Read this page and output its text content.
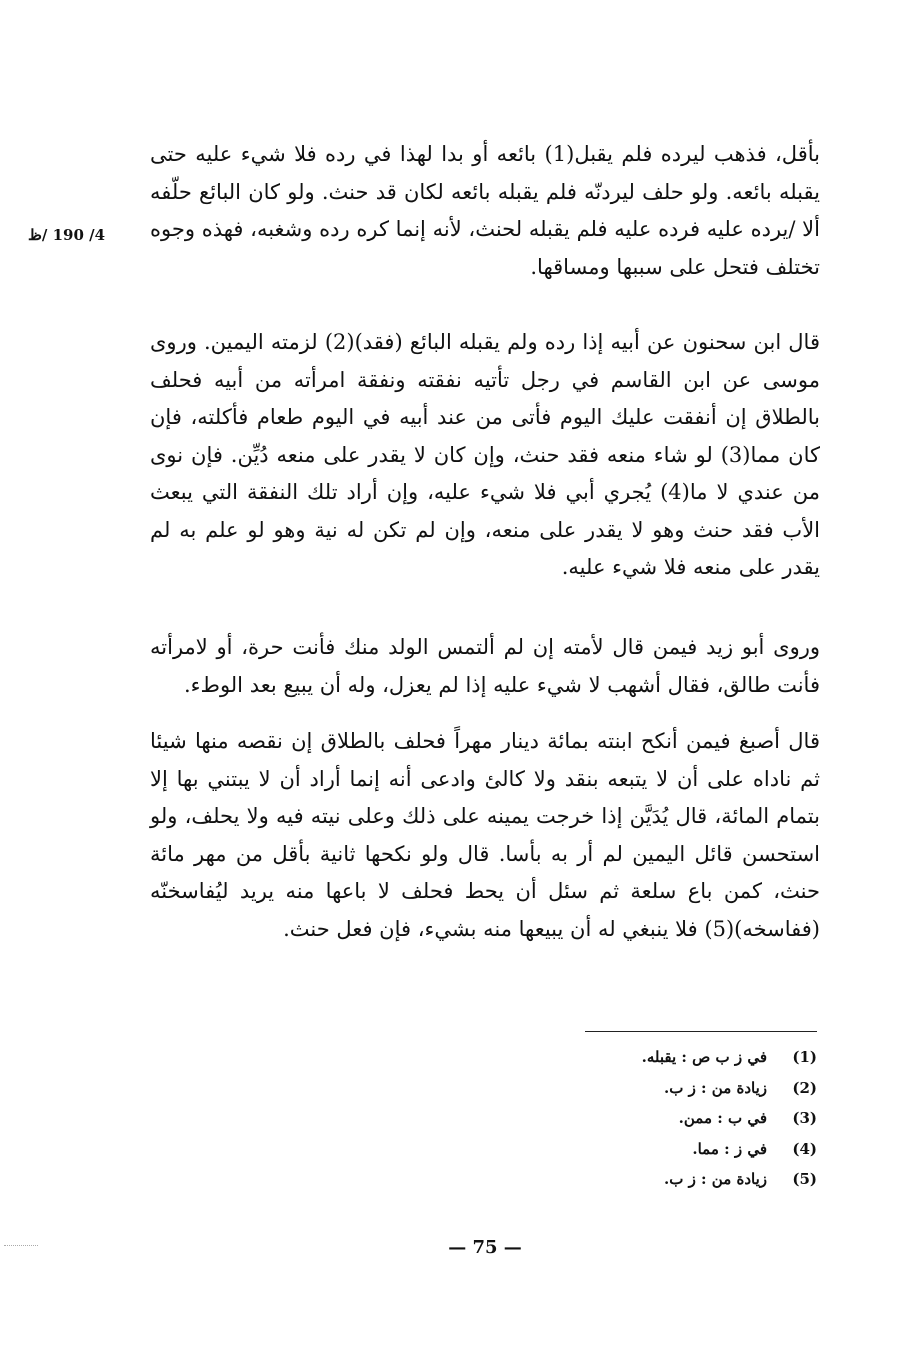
4/ 190 /ظ

بأقل، فذهب ليرده فلم يقبل(1) بائعه أو بدا لهذا في رده فلا شيء عليه حتى يقبله بائعه. ولو حلف ليردنّه فلم يقبله بائعه لكان قد حنث. ولو كان البائع حلّفه ألا /يرده عليه فرده عليه فلم يقبله لحنث، لأنه إنما كره رده وشغبه، فهذه وجوه تختلف فتحل على سببها ومساقها.

قال ابن سحنون عن أبيه إذا رده ولم يقبله البائع (فقد)(2) لزمته اليمين. وروى موسى عن ابن القاسم في رجل تأتيه نفقته ونفقة امرأته من أبيه فحلف بالطلاق إن أنفقت عليك اليوم فأتى من عند أبيه في اليوم طعام فأكلته، فإن كان مما(3) لو شاء منعه فقد حنث، وإن كان لا يقدر على منعه دُيِّن. فإن نوى من عندي لا ما(4) يُجري أبي فلا شيء عليه، وإن أراد تلك النفقة التي يبعث الأب فقد حنث وهو لا يقدر على منعه، وإن لم تكن له نية وهو لو علم به لم يقدر على منعه فلا شيء عليه.

وروى أبو زيد فيمن قال لأمته إن لم ألتمس الولد منك فأنت حرة، أو لامرأته فأنت طالق، فقال أشهب لا شيء عليه إذا لم يعزل، وله أن يبيع بعد الوطء.

قال أصبغ فيمن أنكح ابنته بمائة دينار مهراً فحلف بالطلاق إن نقصه منها شيئا ثم ناداه على أن لا يتبعه بنقد ولا كالئ وادعى أنه إنما أراد أن لا يبتني بها إلا بتمام المائة، قال يُدَيَّن إذا خرجت يمينه على ذلك وعلى نيته فيه ولا يحلف، ولو استحسن قائل اليمين لم أر به بأسا. قال ولو نكحها ثانية بأقل من مهر مائة حنث، كمن باع سلعة ثم سئل أن يحط فحلف لا باعها منه يريد ليُفاسخنّه (ففاسخه)(5) فلا ينبغي له أن يبيعها منه بشيء، فإن فعل حنث.

(1)
في ز ب ص : يقبله.
(2)
زيادة من : ز ب.
(3)
في ب : ممن.
(4)
في ز : مما.
(5)
زيادة من : ز ب.
— 75 —
